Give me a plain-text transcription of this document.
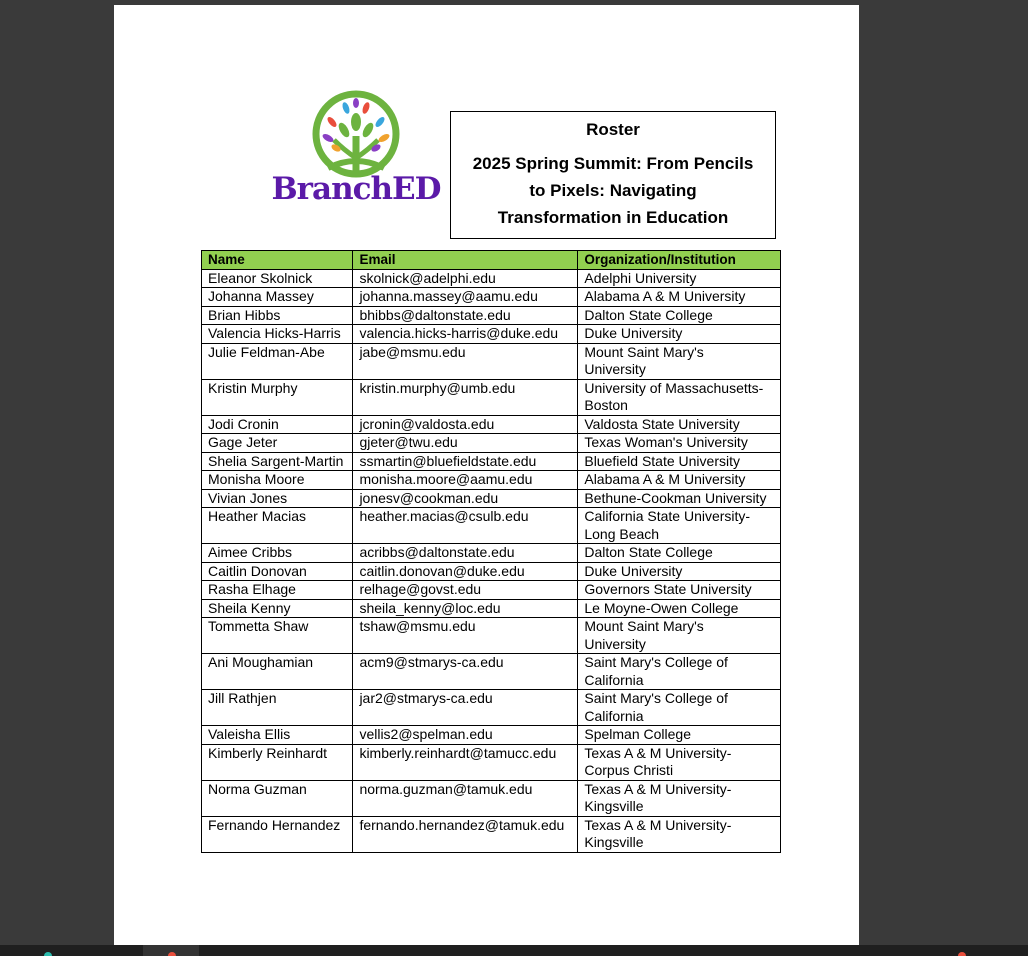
BranchED
Roster
2025 Spring Summit: From Pencils
to Pixels: Navigating
Transformation in Education
Name	Email	Organization/Institution
Eleanor Skolnick	skolnick@adelphi.edu	Adelphi University

Johanna Massey	johanna.massey@aamu.edu	Alabama A & M University

Brian Hibbs	bhibbs@daltonstate.edu	Dalton State College

Valencia Hicks-Harris	valencia.hicks-harris@duke.edu	Duke University

Julie Feldman-Abe	jabe@msmu.edu	Mount Saint Mary's
University

Kristin Murphy	kristin.murphy@umb.edu	University of Massachusetts-
Boston

Jodi Cronin	jcronin@valdosta.edu	Valdosta State University

Gage Jeter	gjeter@twu.edu	Texas Woman's University

Shelia Sargent-Martin	ssmartin@bluefieldstate.edu	Bluefield State University

Monisha Moore	monisha.moore@aamu.edu	Alabama A & M University

Vivian Jones	jonesv@cookman.edu	Bethune-Cookman University

Heather Macias	heather.macias@csulb.edu	California State University-
Long Beach

Aimee Cribbs	acribbs@daltonstate.edu	Dalton State College

Caitlin Donovan	caitlin.donovan@duke.edu	Duke University

Rasha Elhage	relhage@govst.edu	Governors State University

Sheila Kenny	sheila_kenny@loc.edu	Le Moyne-Owen College

Tommetta Shaw	tshaw@msmu.edu	Mount Saint Mary's
University

Ani Moughamian	acm9@stmarys-ca.edu	Saint Mary's College of
California

Jill Rathjen	jar2@stmarys-ca.edu	Saint Mary's College of
California

Valeisha Ellis	vellis2@spelman.edu	Spelman College

Kimberly Reinhardt	kimberly.reinhardt@tamucc.edu	Texas A & M University-
Corpus Christi

Norma Guzman	norma.guzman@tamuk.edu	Texas A & M University-
Kingsville

Fernando Hernandez	fernando.hernandez@tamuk.edu	Texas A & M University-
Kingsville
